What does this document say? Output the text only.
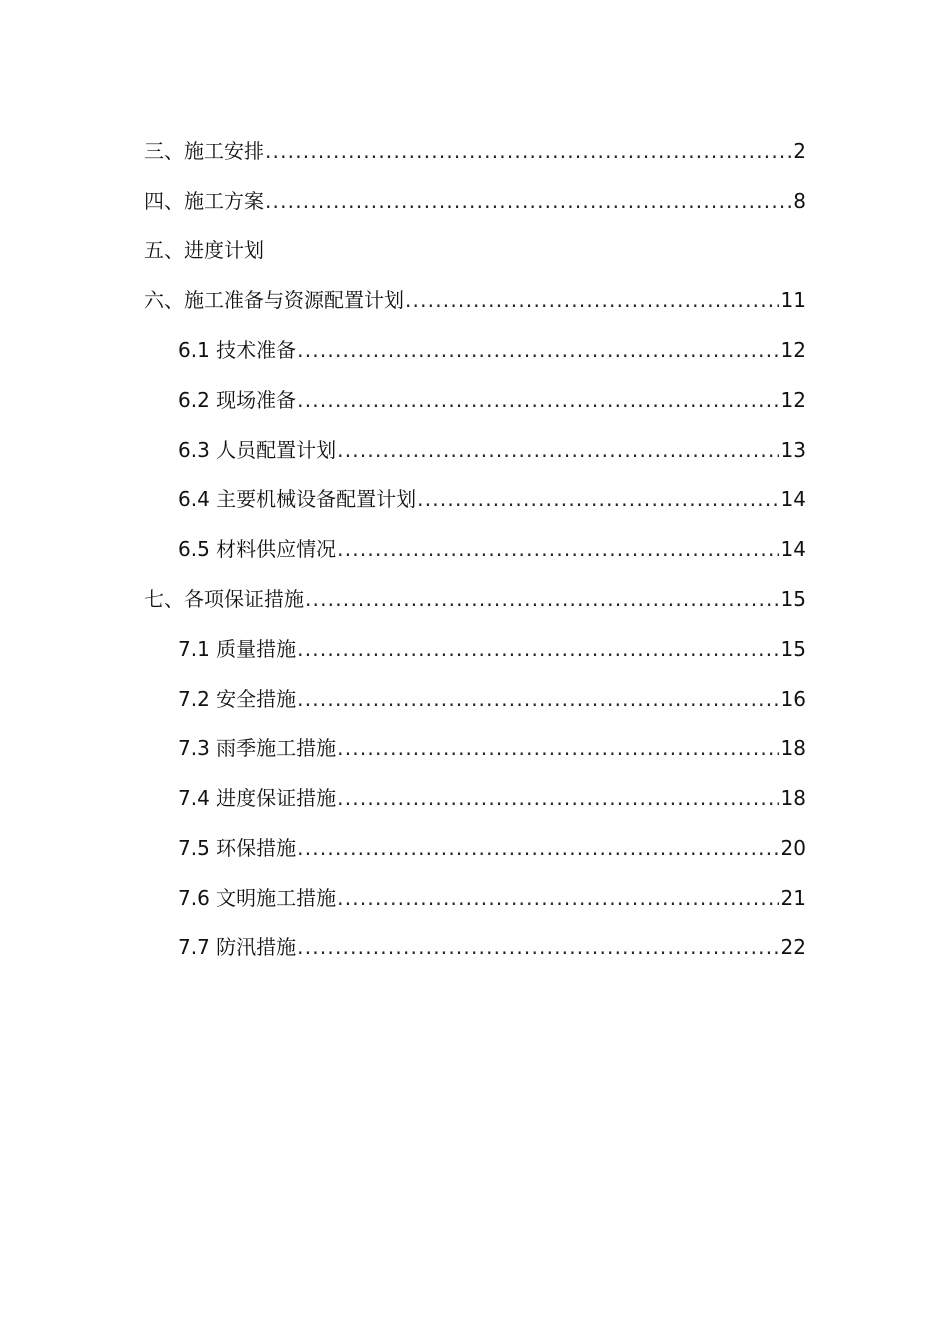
三、施工安排 .....	2
四、施工方案 .....	8
五、进度计划
六、施工准备与资源配置计划 .....	11
6.1 技术准备 .....	12
6.2 现场准备 .....	12
6.3 人员配置计划 .....	13
6.4 主要机械设备配置计划 .....	14
6.5 材料供应情况 .....	14
七、各项保证措施 .....	15
7.1 质量措施 .....	15
7.2 安全措施 .....	16
7.3 雨季施工措施 .....	18
7.4 进度保证措施 .....	18
7.5 环保措施 .....	20
7.6 文明施工措施 .....	21
7.7 防汛措施 .....	22
